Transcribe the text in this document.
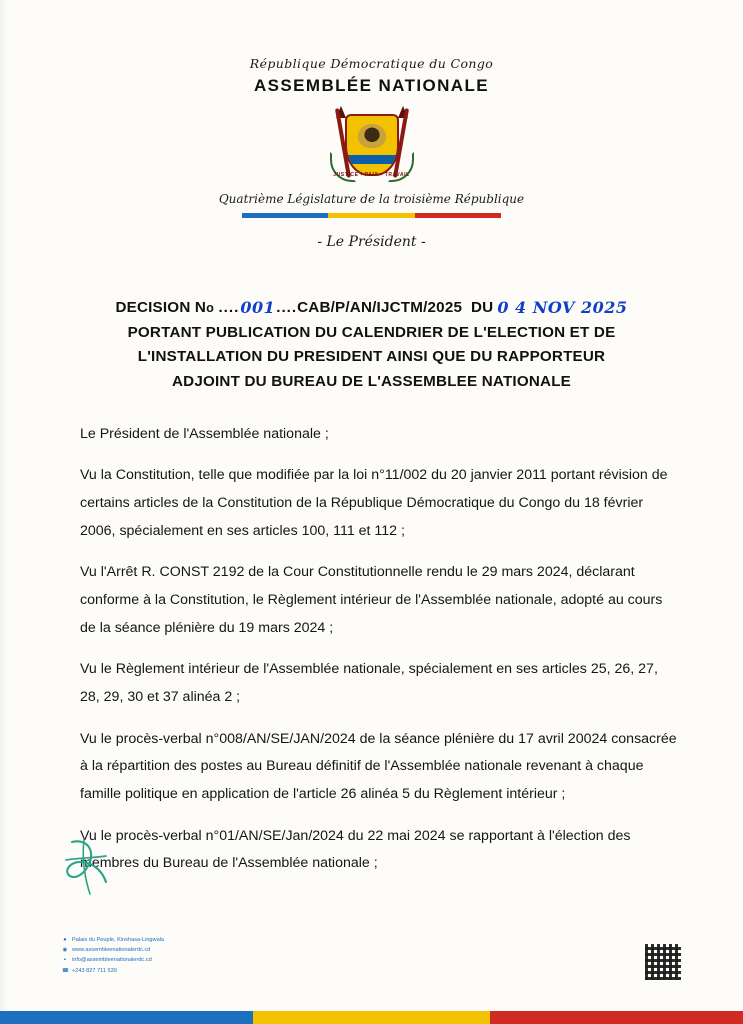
République Démocratique du Congo
ASSEMBLÉE NATIONALE
JUSTICE - PAIX - TRAVAIL
Quatrième Législature de la troisième République
- Le Président -
DECISION N o
.... 001 .... CAB/P/AN/IJCTM/2025
DU 0 4 NOV 2025
PORTANT PUBLICATION DU CALENDRIER DE L'ELECTION ET DE
L'INSTALLATION DU PRESIDENT AINSI QUE DU RAPPORTEUR
ADJOINT DU BUREAU DE L'ASSEMBLEE NATIONALE

Le Président de l'Assemblée nationale ;

Vu la Constitution, telle que modifiée par la loi n°11/002 du 20 janvier 2011 portant révision de certains articles de la Constitution de la République Démocratique du Congo du 18 février 2006, spécialement en ses articles 100, 111 et 112 ;

Vu l'Arrêt R. CONST 2192 de la Cour Constitutionnelle rendu le 29 mars 2024, déclarant conforme à la Constitution, le Règlement intérieur de l'Assemblée nationale, adopté au cours de la séance plénière du 19 mars 2024 ;

Vu le Règlement intérieur de l'Assemblée nationale, spécialement en ses articles 25, 26, 27, 28, 29, 30 et 37 alinéa 2 ;

Vu le procès-verbal n°008/AN/SE/JAN/2024 de la séance plénière du 17 avril 20024 consacrée à la répartition des postes au Bureau définitif de l'Assemblée nationale revenant à chaque famille politique en application de l'article 26 alinéa 5 du Règlement intérieur ;

Vu le procès-verbal n°01/AN/SE/Jan/2024 du 22 mai 2024 se rapportant à l'élection des membres du Bureau de l'Assemblée nationale ;

● Palais du Peuple, Kinshasa-Lingwala
◉ www.assembleenationalerdc.cd
▪	info@assembleenationalerdc.cd
☎ +243 827 711 539
